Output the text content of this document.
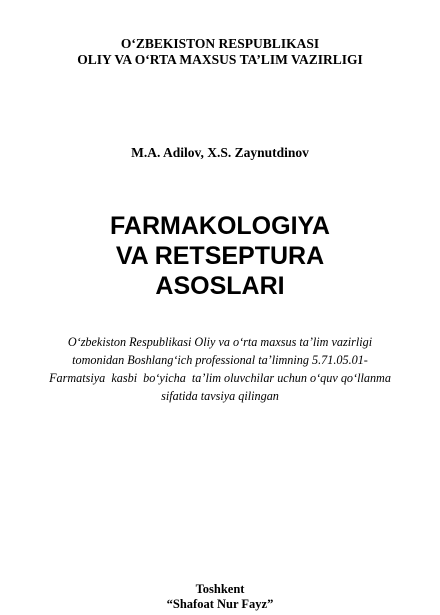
O‘ZBEKISTON RESPUBLIKASI
OLIY VA O‘RTA MAXSUS TA’LIM VAZIRLIGI
M.A. Adilov, X.S. Zaynutdinov
FARMAKOLOGIYA
VA RETSEPTURA
ASOSLARI
O‘zbekiston Respublikasi Oliy va o‘rta maxsus ta’lim vazirligi
tomonidan Boshlang‘ich professional ta’limning 5.71.05.01-
Farmatsiya  kasbi  bo‘yicha  ta’lim oluvchilar uchun o‘quv qo‘llanma
sifatida tavsiya qilingan
Toshkent
“Shafoat Nur Fayz”
